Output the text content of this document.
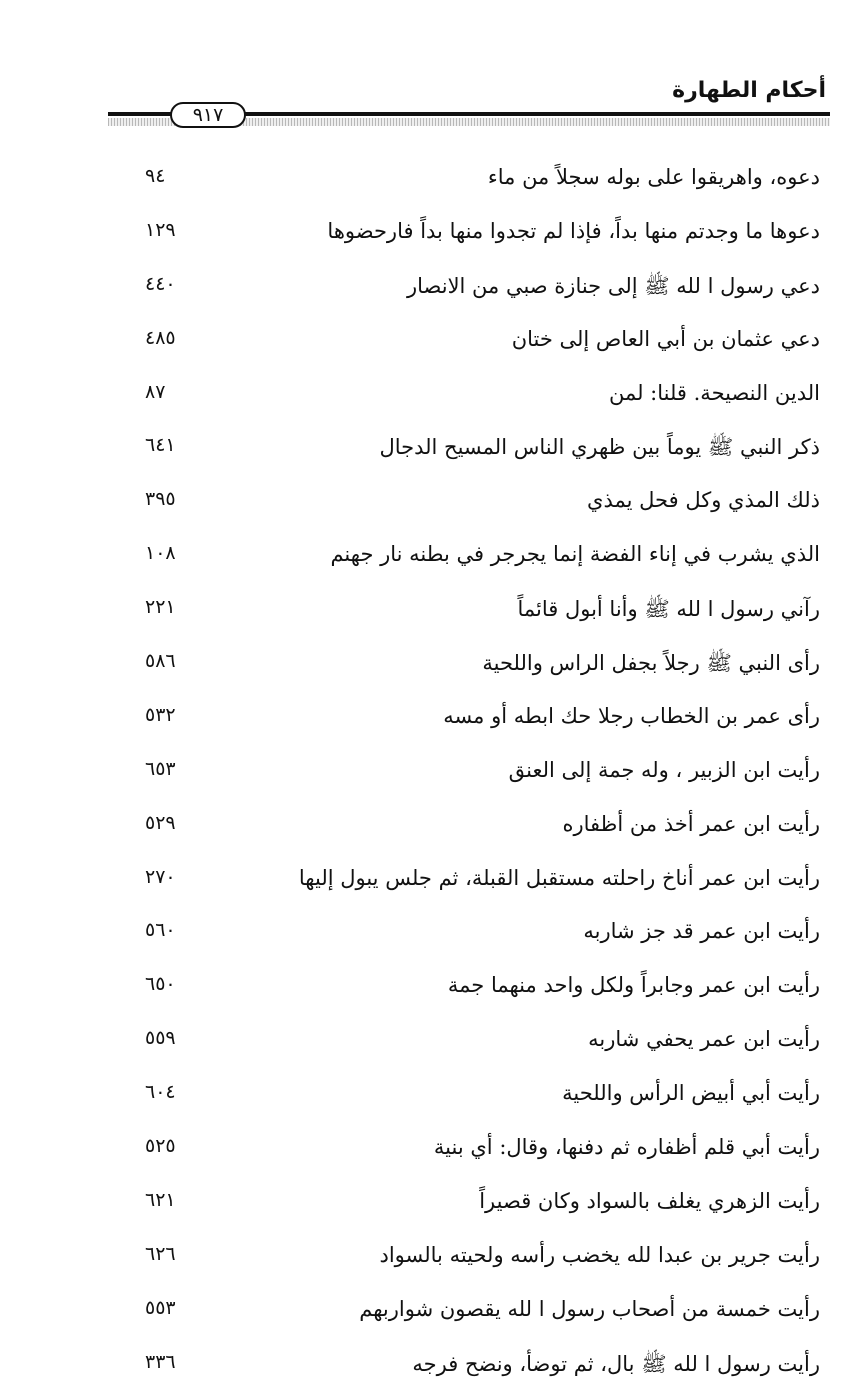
أحكام الطهارة
٩١٧
دعوه، واهريقوا على بوله سجلاً من ماء
٩٤
دعوها ما وجدتم منها بداً، فإذا لم تجدوا منها بداً فارحضوها
١٢٩
دعي رسول ا لله ﷺ إلى جنازة صبي من الانصار
٤٤٠
دعي عثمان بن أبي العاص إلى ختان
٤٨٥
الدين النصيحة. قلنا: لمن
٨٧
ذكر النبي ﷺ يوماً بين ظهري الناس المسيح الدجال
٦٤١
ذلك المذي وكل فحل يمذي
٣٩٥
الذي يشرب في إناء الفضة إنما يجرجر في بطنه نار جهنم
١٠٨
رآني رسول ا لله ﷺ وأنا أبول قائماً
٢٢١
رأى النبي ﷺ رجلاً بجفل الراس واللحية
٥٨٦
رأى عمر بن الخطاب رجلا حك ابطه أو مسه
٥٣٢
رأيت ابن الزبير ، وله جمة إلى العنق
٦٥٣
رأيت ابن عمر أخذ من أظفاره
٥٢٩
رأيت ابن عمر أناخ راحلته مستقبل القبلة، ثم جلس يبول إليها
٢٧٠
رأيت ابن عمر قد جز شاربه
٥٦٠
رأيت ابن عمر وجابراً ولكل واحد منهما جمة
٦٥٠
رأيت ابن عمر يحفي شاربه
٥٥٩
رأيت أبي أبيض الرأس واللحية
٦٠٤
رأيت أبي قلم أظفاره ثم دفنها، وقال: أي بنية
٥٢٥
رأيت الزهري يغلف بالسواد وكان قصيراً
٦٢١
رأيت جرير بن عبدا لله يخضب رأسه ولحيته بالسواد
٦٢٦
رأيت خمسة من أصحاب رسول ا لله يقصون شواربهم
٥٥٣
رأيت رسول ا لله ﷺ بال، ثم توضأ، ونضح فرجه
٣٣٦
